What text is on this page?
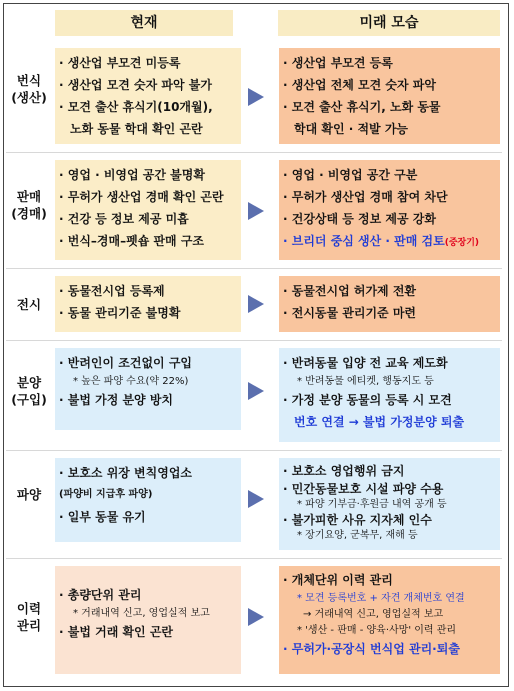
현재	미래 모습
번식
(생산)
· 생산업 부모견 미등록
· 생산업 모견 숫자 파악 불가
· 모견 출산 휴식기(10개월),
노화 동물 학대 확인 곤란
· 생산업 부모견 등록
· 생산업 전체 모견 숫자 파악
· 모견 출산 휴식기, 노화 동물
학대 확인 · 적발 가능
판매
(경매)
· 영업 · 비영업 공간 불명확
· 무허가 생산업 경매 확인 곤란
· 건강 등 정보 제공 미흡
· 번식–경매–펫숍 판매 구조
· 영업 · 비영업 공간 구분
· 무허가 생산업 경매 참여 차단
· 건강상태 등 정보 제공 강화
· 브리더 중심 생산 · 판매 검토(중장기)
전시
· 동물전시업 등록제
· 동물 관리기준 불명확
· 동물전시업 허가제 전환
· 전시동물 관리기준 마련
분양
(구입)
· 반려인이 조건없이 구입
* 높은 파양 수요(약 22%)
· 불법 가정 분양 방치
· 반려동물 입양 전 교육 제도화
* 반려동물 에티켓, 행동지도 등
· 가정 분양 동물의 등록 시 모견
번호 연결 → 불법 가정분양 퇴출
파양
· 보호소 위장 변칙영업소
(파양비 지급후 파양)
· 일부 동물 유기
· 보호소 영업행위 금지
· 민간동물보호 시설 파양 수용
* 파양 기부금·후원금 내역 공개 등
· 불가피한 사유 지자체 인수
* 장기요양, 군복무, 재해 등
이력
관리
· 총량단위 관리
* 거래내역 신고, 영업실적 보고
· 불법 거래 확인 곤란
· 개체단위 이력 관리
* 모견 등록번호 + 자견 개체번호 연결
→ 거래내역 신고, 영업실적 보고
* '생산 - 판매 - 양육·사망' 이력 관리
· 무허가·공장식 번식업 관리·퇴출
